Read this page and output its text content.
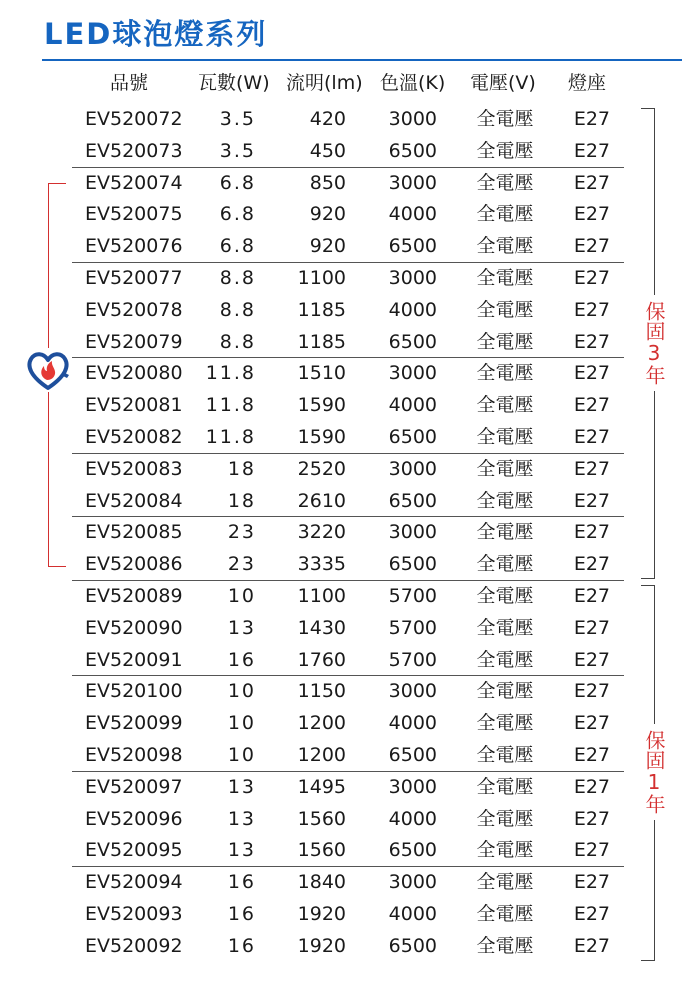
LED球泡燈系列
品號	瓦數(W) 流明(lm) 色溫(K)	電壓(V)	燈座
EV520072	3.5	420	3000	全電壓	E27
EV520073	3.5	450	6500	全電壓	E27
EV520074	6.8	850	3000	全電壓	E27
EV520075	6.8	920	4000	全電壓	E27
EV520076	6.8	920	6500	全電壓	E27
EV520077	8.8	1100	3000	全電壓	E27
EV520078	8.8	1185	4000	全電壓	E27
EV520079	8.8	1185	6500	全電壓	E27
EV520080	11.8	1510	3000	全電壓	E27
EV520081	11.8	1590	4000	全電壓	E27
EV520082	11.8	1590	6500	全電壓	E27
EV520083	18	2520	3000	全電壓	E27
EV520084	18	2610	6500	全電壓	E27
EV520085	23	3220	3000	全電壓	E27
EV520086	23	3335	6500	全電壓	E27
EV520089	10	1100	5700	全電壓	E27
EV520090	13	1430	5700	全電壓	E27
EV520091	16	1760	5700	全電壓	E27
EV520100	10	1150	3000	全電壓	E27
EV520099	10	1200	4000	全電壓	E27
EV520098	10	1200	6500	全電壓	E27
EV520097	13	1495	3000	全電壓	E27
EV520096	13	1560	4000	全電壓	E27
EV520095	13	1560	6500	全電壓	E27
EV520094	16	1840	3000	全電壓	E27
EV520093	16	1920	4000	全電壓	E27
EV520092	16	1920	6500	全電壓	E27
保固3年
保固1年
